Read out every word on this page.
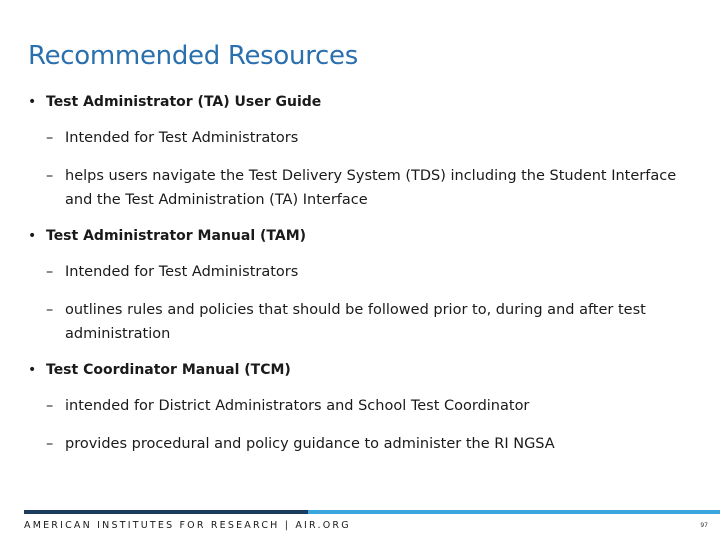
Recommended Resources
• Test Administrator (TA) User Guide
– Intended for Test Administrators
– helps users navigate the Test Delivery System (TDS) including the Student Interface and the Test Administration (TA) Interface
• Test Administrator Manual (TAM)
– Intended for Test Administrators
– outlines rules and policies that should be followed prior to, during and after test administration
• Test Coordinator Manual (TCM)
– intended for District Administrators and School Test Coordinator
– provides procedural and policy guidance to administer the RI NGSA
AMERICAN INSTITUTES FOR RESEARCH | AIR.ORG	97
